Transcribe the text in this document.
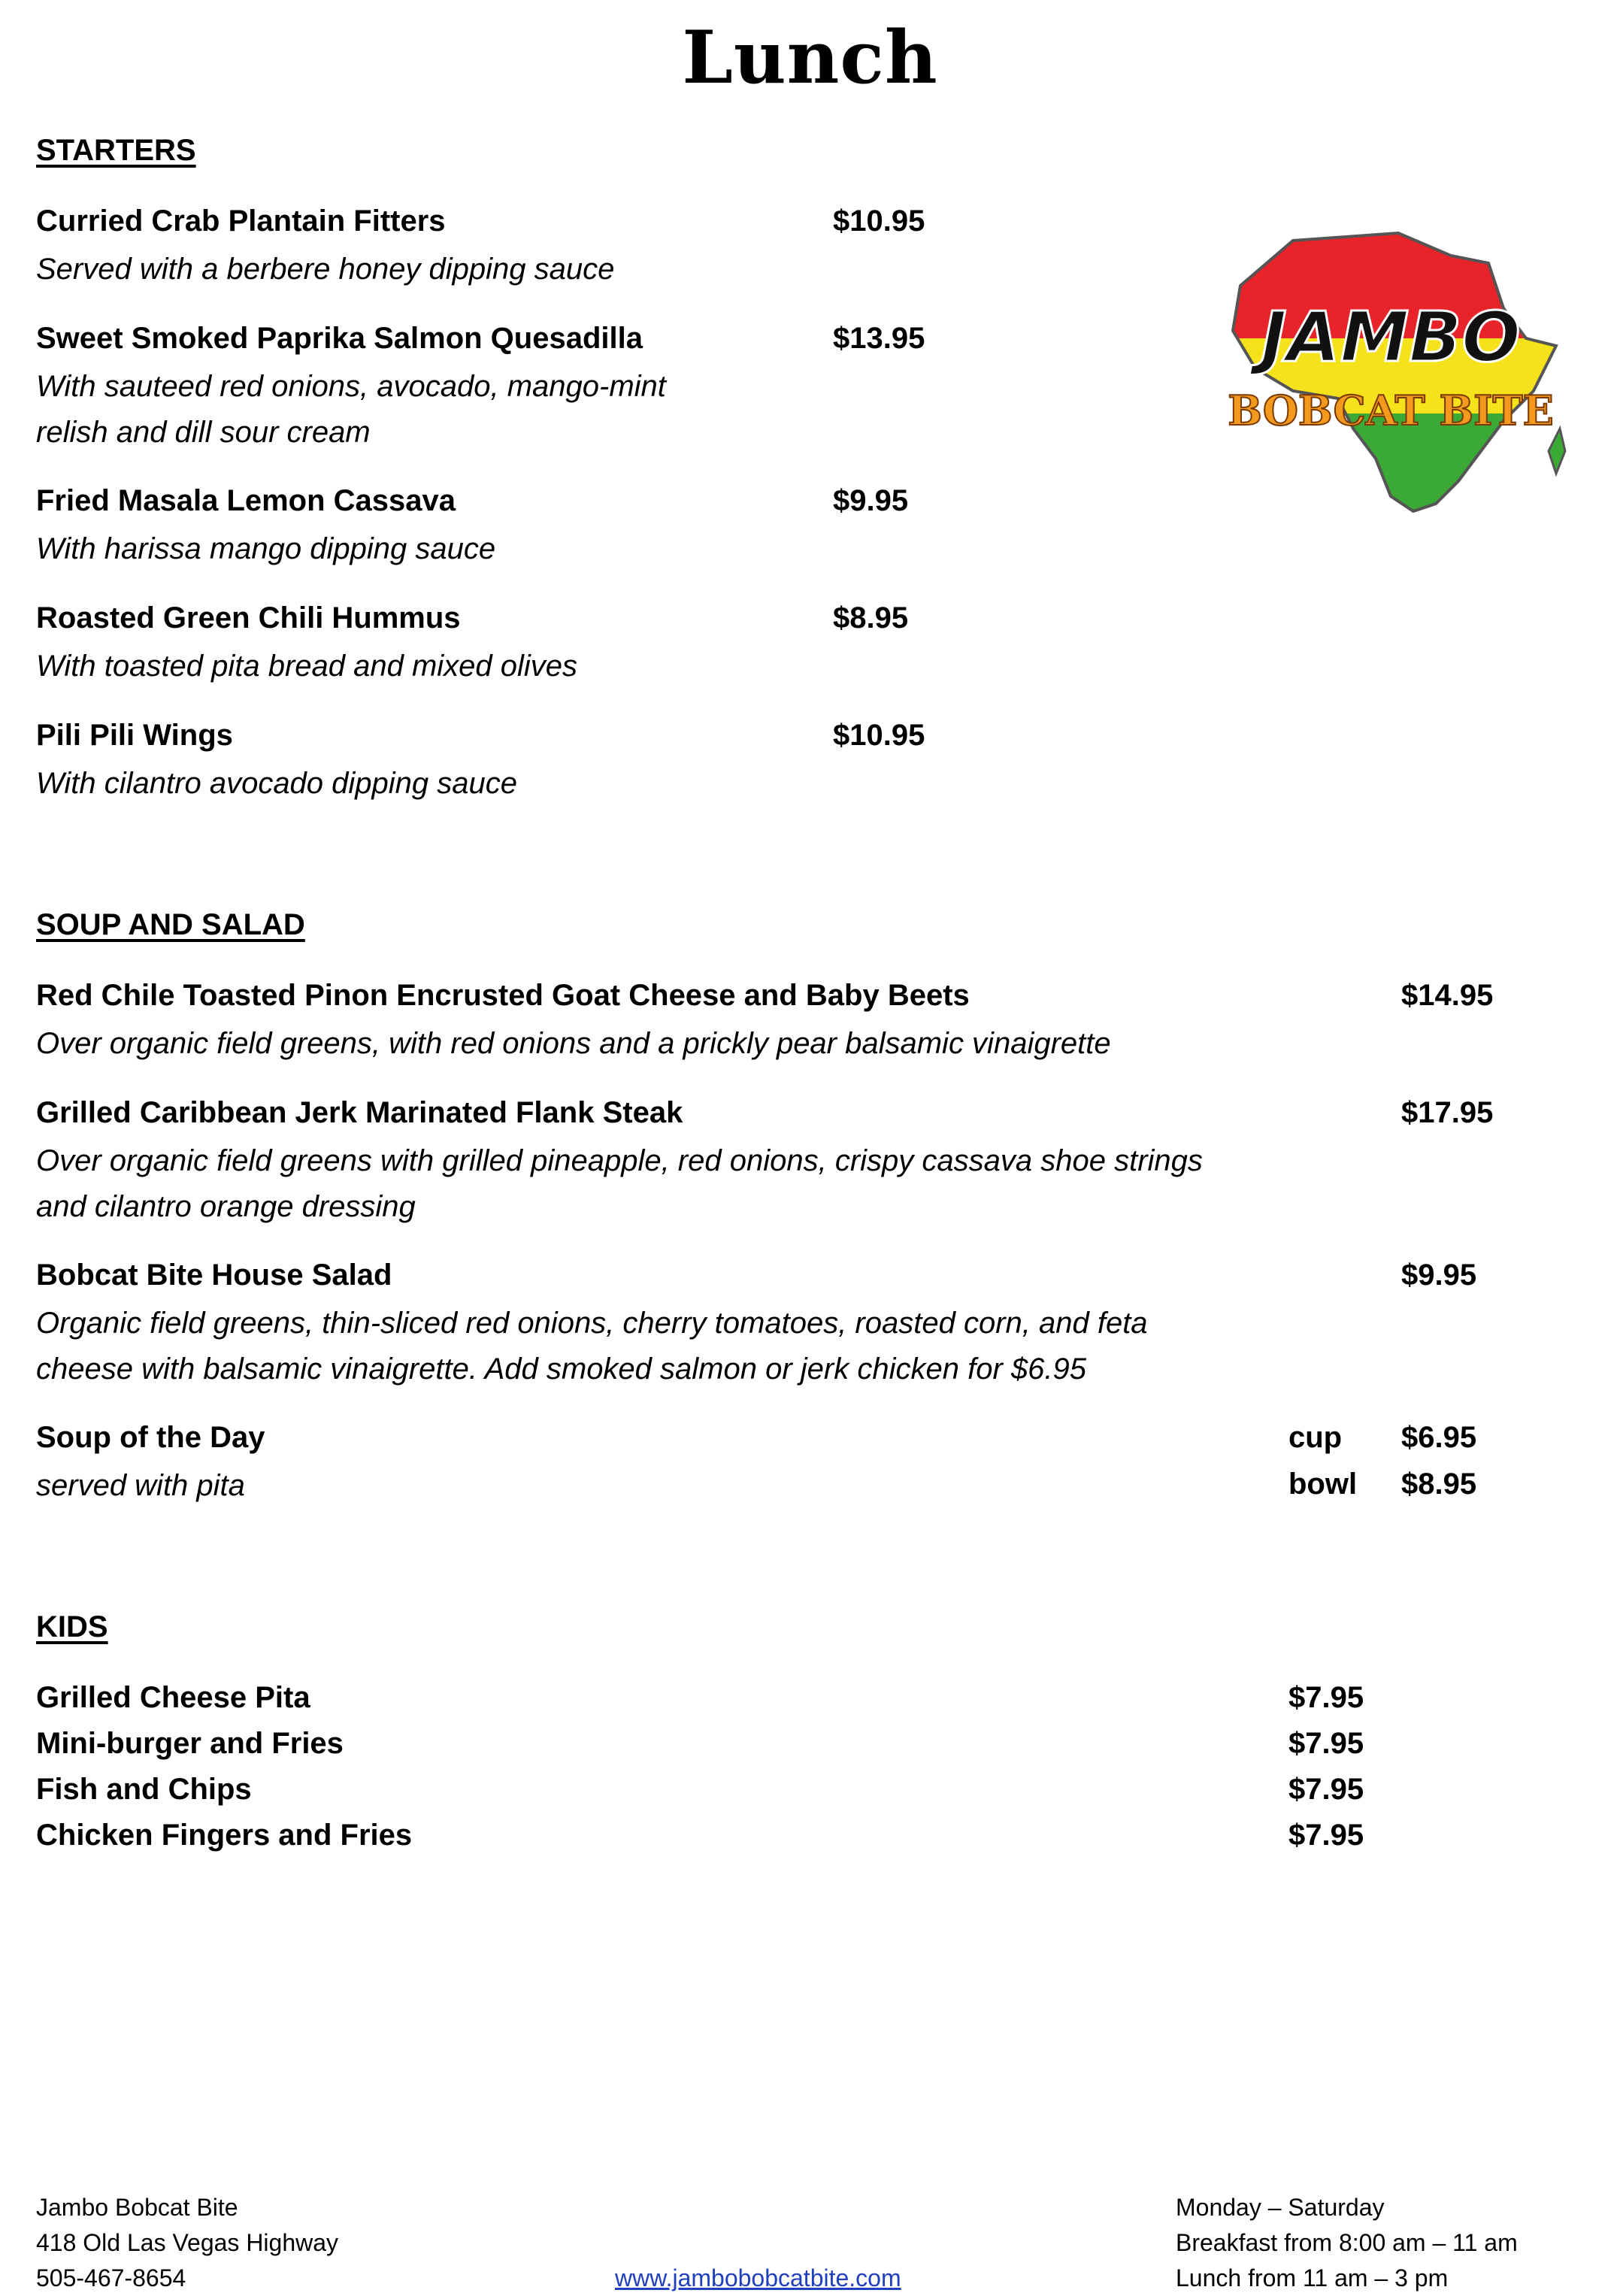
Lunch
JAMBO
BOBCAT BITE
STARTERS
Curried Crab Plantain Fitters	$10.95
Served with a berbere honey dipping sauce
Sweet Smoked Paprika Salmon Quesadilla	$13.95
With sauteed red onions, avocado, mango-mint
relish and dill sour cream
Fried Masala Lemon Cassava	$9.95
With harissa mango dipping sauce
Roasted Green Chili Hummus	$8.95
With toasted pita bread and mixed olives
Pili Pili Wings	$10.95
With cilantro avocado dipping sauce
SOUP AND SALAD
Red Chile Toasted Pinon Encrusted Goat Cheese and Baby Beets	$14.95
Over organic field greens, with red onions and a prickly pear balsamic vinaigrette
Grilled Caribbean Jerk Marinated Flank Steak	$17.95
Over organic field greens with grilled pineapple, red onions, crispy cassava shoe strings
and cilantro orange dressing
Bobcat Bite House Salad	$9.95
Organic field greens, thin-sliced red onions, cherry tomatoes, roasted corn, and feta
cheese with balsamic vinaigrette. Add smoked salmon or jerk chicken for $6.95
Soup of the Day	cup $6.95
served with pita	bowl $8.95
KIDS
Grilled Cheese Pita	$7.95
Mini-burger and Fries	$7.95
Fish and Chips	$7.95
Chicken Fingers and Fries	$7.95
Jambo Bobcat Bite
418 Old Las Vegas Highway
505-467-8654	www.jambobobcatbite.com
Monday – Saturday
Breakfast from 8:00 am – 11 am
Lunch from 11 am – 3 pm
